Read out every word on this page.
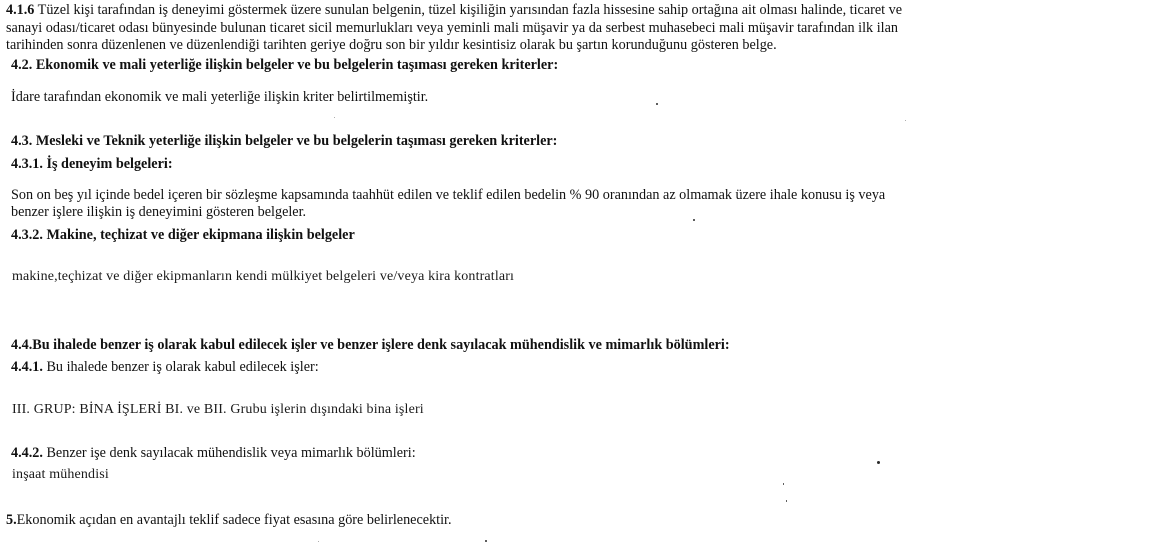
4.1.6 Tüzel kişi tarafından iş deneyimi göstermek üzere sunulan belgenin, tüzel kişiliğin yarısından fazla hissesine sahip ortağına ait olması halinde, ticaret ve
sanayi odası/ticaret odası bünyesinde bulunan ticaret sicil memurlukları veya yeminli mali müşavir ya da serbest muhasebeci mali müşavir tarafından ilk ilan
tarihinden sonra düzenlenen ve düzenlendiği tarihten geriye doğru son bir yıldır kesintisiz olarak bu şartın korunduğunu gösteren belge.
4.2. Ekonomik ve mali yeterliğe ilişkin belgeler ve bu belgelerin taşıması gereken kriterler:
İdare tarafından ekonomik ve mali yeterliğe ilişkin kriter belirtilmemiştir.
4.3. Mesleki ve Teknik yeterliğe ilişkin belgeler ve bu belgelerin taşıması gereken kriterler:
4.3.1. İş deneyim belgeleri:
Son on beş yıl içinde bedel içeren bir sözleşme kapsamında taahhüt edilen ve teklif edilen bedelin % 90 oranından az olmamak üzere ihale konusu iş veya
benzer işlere ilişkin iş deneyimini gösteren belgeler.
4.3.2. Makine, teçhizat ve diğer ekipmana ilişkin belgeler
makine,teçhizat ve diğer ekipmanların kendi mülkiyet belgeleri ve/veya kira kontratları
4.4.Bu ihalede benzer iş olarak kabul edilecek işler ve benzer işlere denk sayılacak mühendislik ve mimarlık bölümleri:
4.4.1. Bu ihalede benzer iş olarak kabul edilecek işler:
III. GRUP: BİNA İŞLERİ BI. ve BII. Grubu işlerin dışındaki bina işleri
4.4.2. Benzer işe denk sayılacak mühendislik veya mimarlık bölümleri:
inşaat mühendisi
5.Ekonomik açıdan en avantajlı teklif sadece fiyat esasına göre belirlenecektir.
